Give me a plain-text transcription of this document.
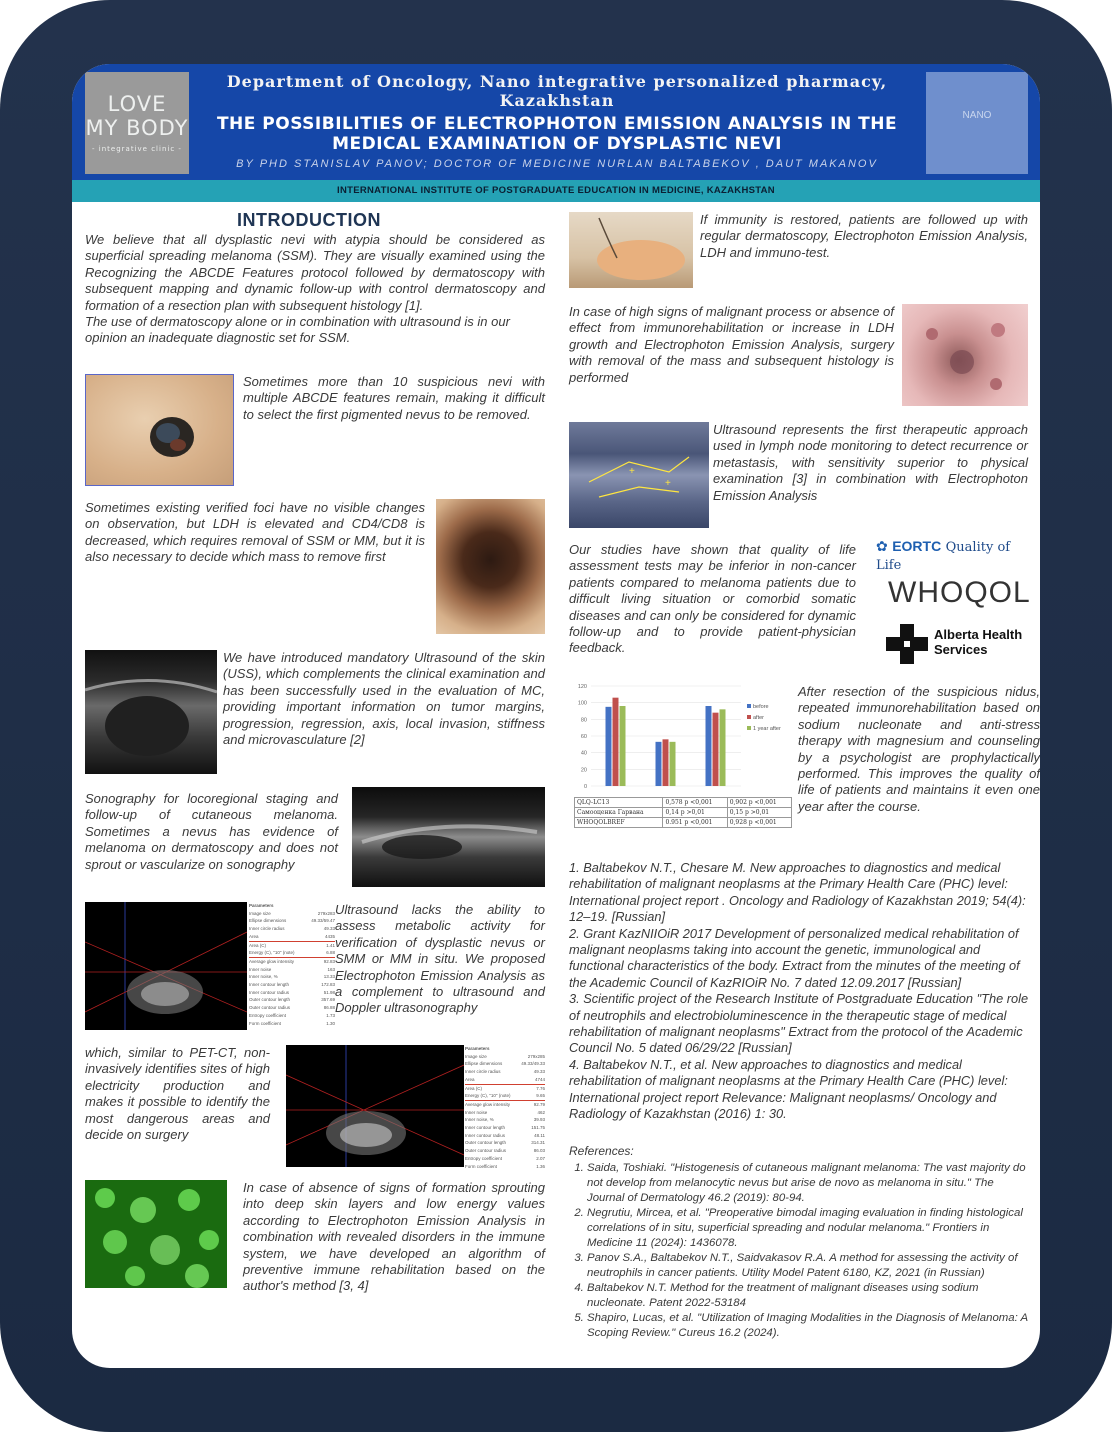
LOVE
MY BODY
- integrative clinic -
Department of Oncology, Nano integrative personalized pharmacy, Kazakhstan
THE POSSIBILITIES OF ELECTROPHOTON EMISSION ANALYSIS IN THE MEDICAL EXAMINATION OF DYSPLASTIC NEVI
BY PHD STANISLAV PANOV; DOCTOR OF MEDICINE NURLAN BALTABEKOV , DAUT MAKANOV
NANO
INTERNATIONAL INSTITUTE OF POSTGRADUATE EDUCATION IN MEDICINE, KAZAKHSTAN
INTRODUCTION
We believe that all dysplastic nevi with atypia should be considered as superficial spreading melanoma (SSM). They are visually examined using the Recognizing the ABCDE Features protocol followed by dermatoscopy with subsequent mapping and dynamic follow-up with control dermatoscopy and formation of a resection plan with subsequent histology [1].

The use of dermatoscopy alone or in combination with ultrasound is in our opinion an inadequate diagnostic set for SSM.
Sometimes more than 10 suspicious nevi with multiple ABCDE features remain, making it difficult to select the first pigmented nevus to be removed.
Sometimes existing verified foci have no visible changes on observation, but LDH is elevated and CD4/CD8 is decreased, which requires removal of SSM or MM, but it is also necessary to decide which mass to remove first
We have introduced mandatory Ultrasound of the skin (USS), which complements the clinical examination and has been successfully used in the evaluation of MC, providing important information on tumor margins, progression, regression, axis, local invasion, stiffness and microvasculature [2]
Sonography for locoregional staging and follow-up of cutaneous melanoma. Sometimes a nevus has evidence of melanoma on dermatoscopy and does not sprout or vascularize on sonography
Parameters
Image size	279x283
Ellipse dimensions	49.33/59.47
Inner circle radius	49.33
Area	4435
Area (C)	1.41
Energy (C), "10" (note)	6.88
Average glow intensity	92.83
Inner noise	163
Inner noise, %	13.33
Inner contour length	172.83
Inner contour radius	51.98
Outer contour length	357.69
Outer contour radius	86.88
Entropy coefficient	1.73
Form coefficient	1.30
Ultrasound lacks the ability to assess metabolic activity for verification of dysplastic nevus or SMM or MM in situ. We proposed Electrophoton Emission Analysis as a complement to ultrasound and Doppler ultrasonography
which, similar to PET-CT, non-invasively identifies sites of high electricity production and makes it possible to identify the most dangerous areas and decide on surgery
Parameters
Image size	279x285
Ellipse dimensions	49.33/49.33
Inner circle radius	49.33
Area	4744
Area (C)	7.76
Energy (C), "10" (note)	9.65
Average glow intensity	92.79
Inner noise	462
Inner noise, %	39.93
Inner contour length	151.75
Inner contour radius	48.11
Outer contour length	314.31
Outer contour radius	86.03
Entropy coefficient	2.07
Form coefficient	1.36
In case of absence of signs of formation sprouting into deep skin layers and low energy values according to Electrophoton Emission Analysis in combination with revealed disorders in the immune system, we have developed an algorithm of preventive immune rehabilitation based on the author's method [3, 4]
If immunity is restored, patients are followed up with regular dermatoscopy, Electrophoton Emission Analysis, LDH and immuno-test.
In case of high signs of malignant process or absence of effect from immunorehabilitation or increase in LDH growth and Electrophoton Emission Analysis, surgery with removal of the mass and subsequent histology is performed
+
+
Ultrasound represents the first therapeutic approach used in lymph node monitoring to detect recurrence or metastasis, with sensitivity superior to physical examination [3] in combination with Electrophoton Emission Analysis
Our studies have shown that quality of life assessment tests may be inferior in non-cancer patients compared to melanoma patients due to difficult living situation or comorbid somatic diseases and can only be considered for dynamic follow-up and to provide patient-physician feedback.
✿ EORTC Quality of Life
WHOQOL
Alberta Health
Services
0
20
40
60
80
100
120
before
after
1 year after
QLQ-LC13	0,578 p <0,001	0,902 p <0,001
Самооценка Гарвана	0,14 p >0,01	0,15 p >0,01
WHOQOLBREF	0.951 p <0,001	0,928 p <0,001
After resection of the suspicious nidus, repeated immunorehabilitation based on sodium nucleonate and anti-stress therapy with magnesium and counseling by a psychologist are prophylactically performed. This improves the quality of life of patients and maintains it even one year after the course.

1. Baltabekov N.T., Chesare M. New approaches to diagnostics and medical rehabilitation of malignant neoplasms at the Primary Health Care (PHC) level: International project report . Oncology and Radiology of Kazakhstan 2019; 54(4): 12–19. [Russian]

2. Grant KazNIIOiR 2017 Development of personalized medical rehabilitation of malignant neoplasms taking into account the genetic, immunological and functional characteristics of the body. Extract from the minutes of the meeting of the Academic Council of KazRIOiR No. 7 dated 12.09.2017 [Russian]

3. Scientific project of the Research Institute of Postgraduate Education "The role of neutrophils and electrobioluminescence in the therapeutic stage of medical rehabilitation of malignant neoplasms" Extract from the protocol of the Academic Council No. 5 dated 06/29/22 [Russian]

4. Baltabekov N.T., et al. New approaches to diagnostics and medical rehabilitation of malignant neoplasms at the Primary Health Care (PHC) level: International project report Relevance: Malignant neoplasms/ Oncology and Radiology of Kazakhstan (2016) 1: 30.

References:
1. Saida, Toshiaki. "Histogenesis of cutaneous malignant melanoma: The vast majority do not develop from melanocytic nevus but arise de novo as melanoma in situ." The Journal of Dermatology 46.2 (2019): 80-94.
2. Negrutiu, Mircea, et al. "Preoperative bimodal imaging evaluation in finding histological correlations of in situ, superficial spreading and nodular melanoma." Frontiers in Medicine 11 (2024): 1436078.
3. Panov S.A., Baltabekov N.T., Saidvakasov R.A. A method for assessing the activity of neutrophils in cancer patients. Utility Model Patent 6180, KZ, 2021 (in Russian)
4. Baltabekov N.T. Method for the treatment of malignant diseases using sodium nucleonate. Patent 2022-53184
5. Shapiro, Lucas, et al. "Utilization of Imaging Modalities in the Diagnosis of Melanoma: A Scoping Review." Cureus 16.2 (2024).
